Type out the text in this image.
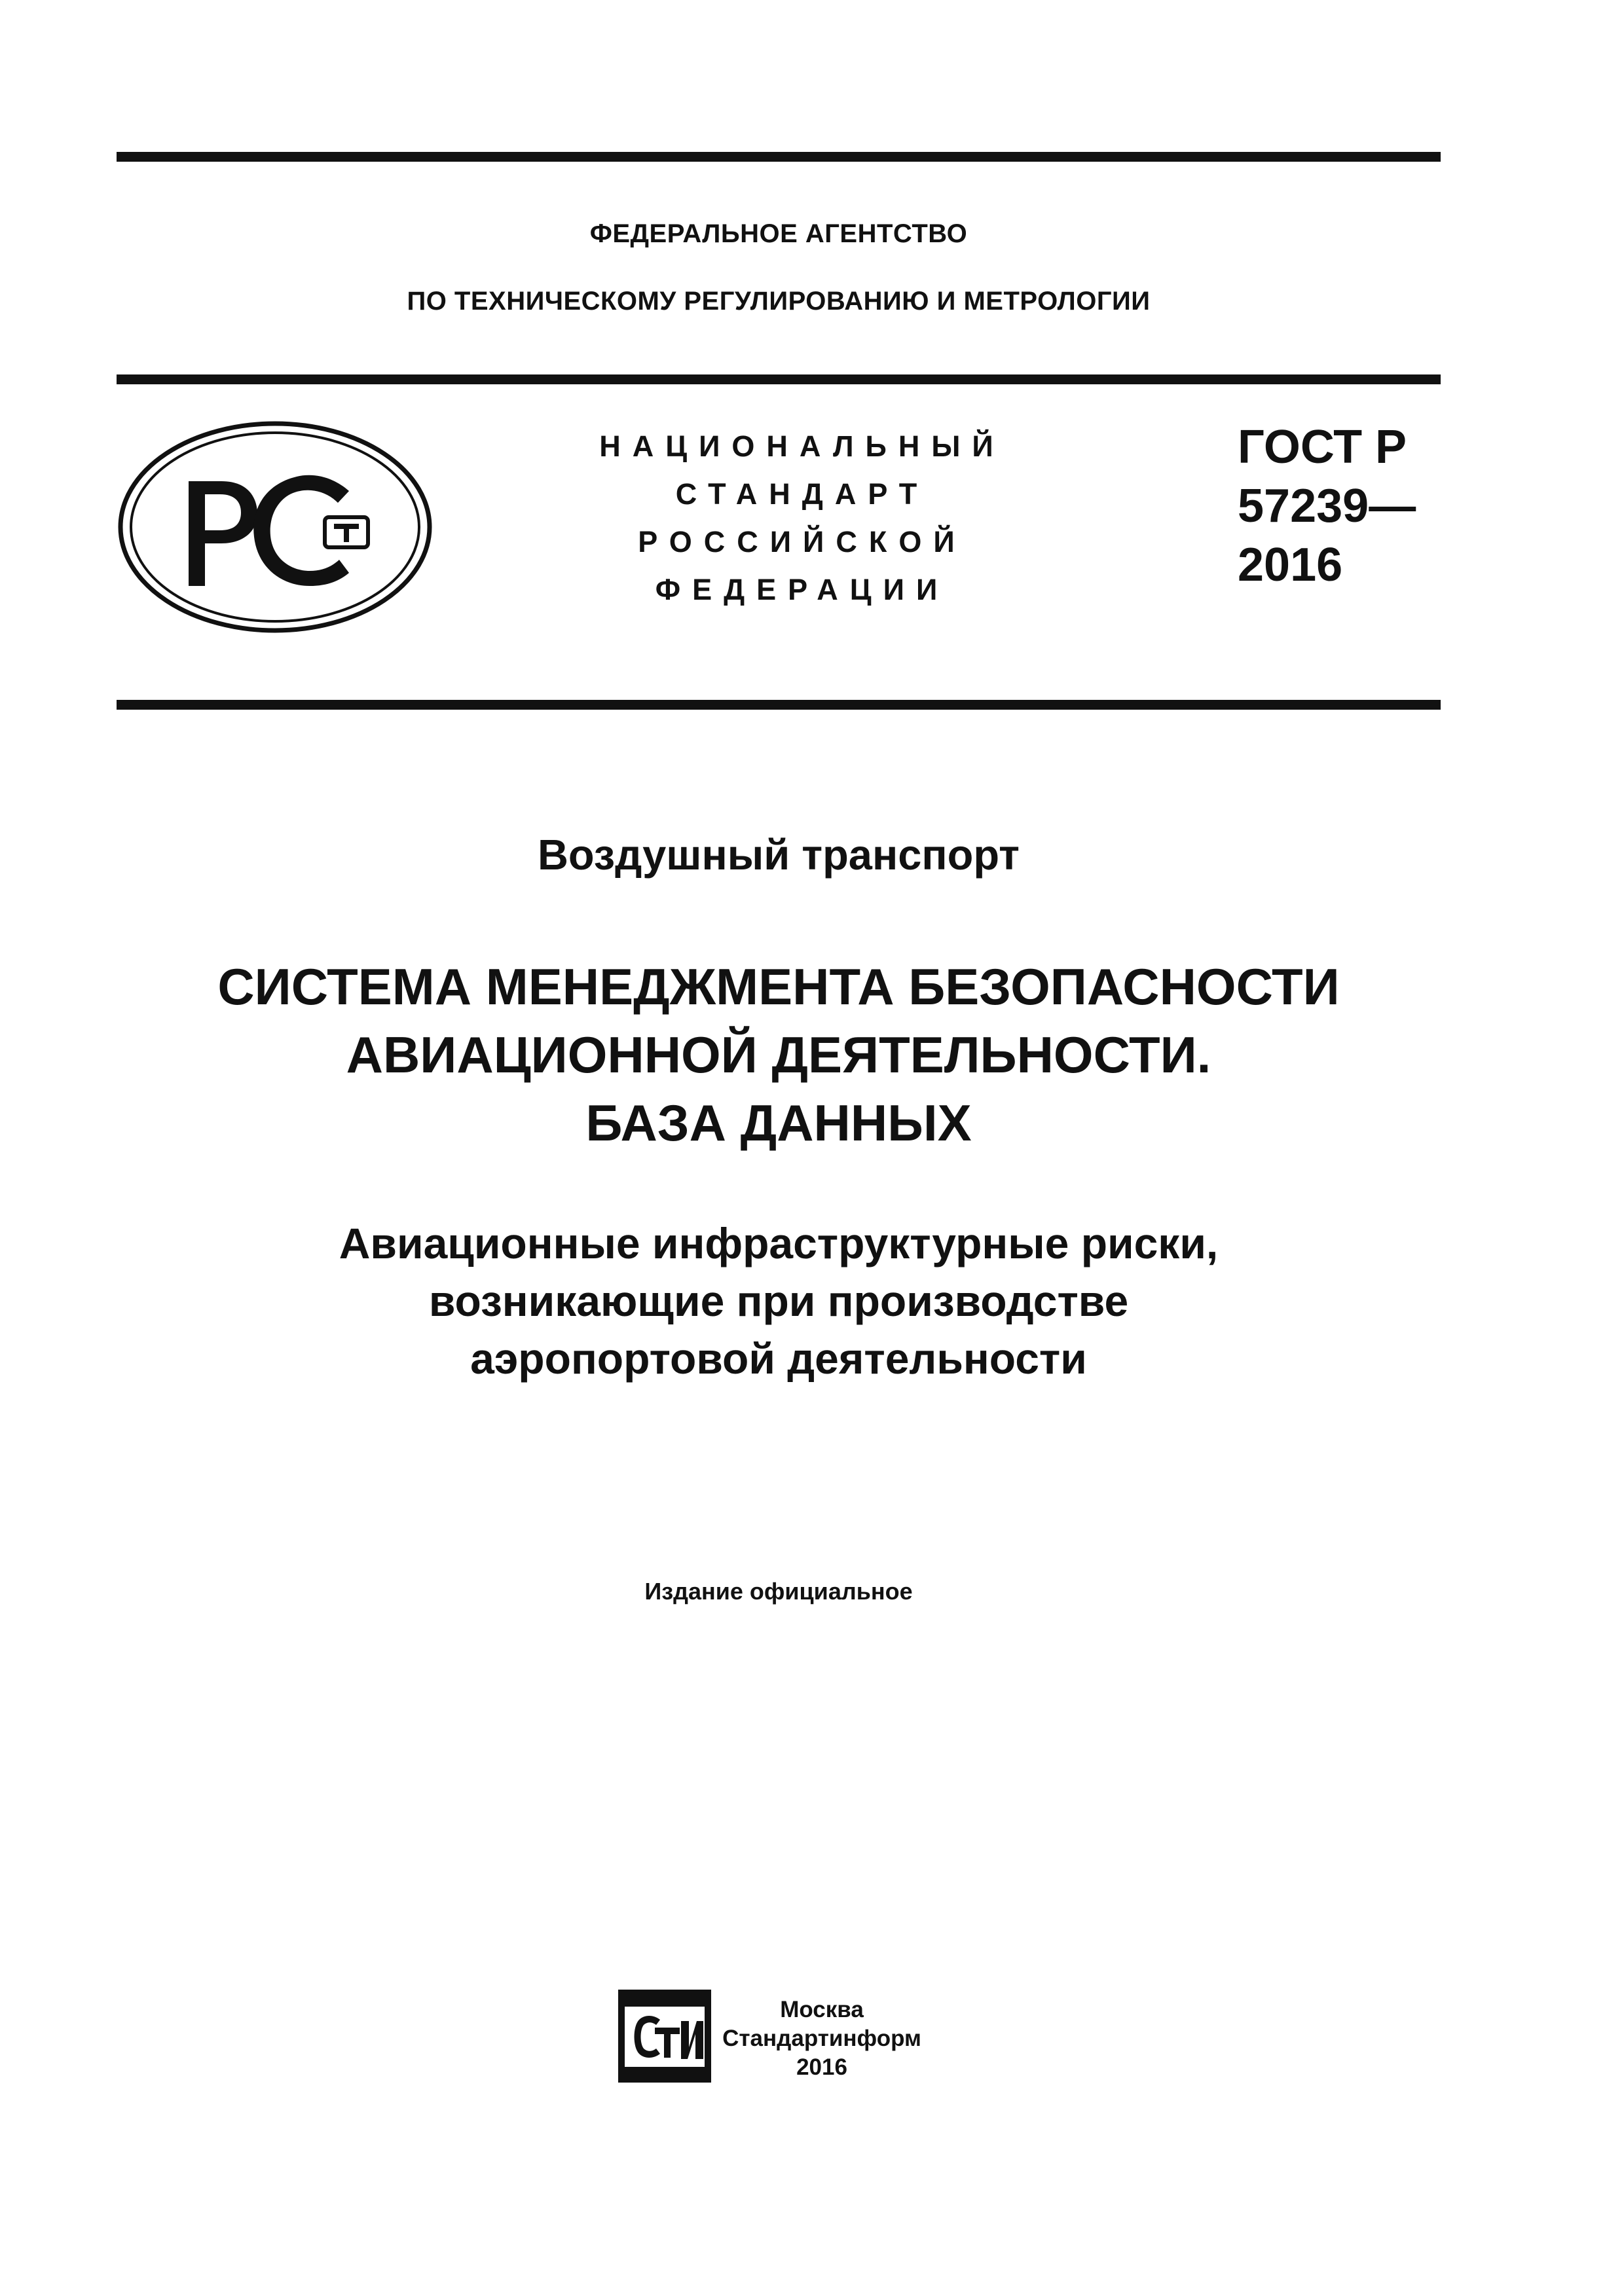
ФЕДЕРАЛЬНОЕ АГЕНТСТВО
ПО ТЕХНИЧЕСКОМУ РЕГУЛИРОВАНИЮ И МЕТРОЛОГИИ
НАЦИОНАЛЬНЫЙ
СТАНДАРТ
РОССИЙСКОЙ
ФЕДЕРАЦИИ
ГОСТ Р
57239—
2016
Воздушный транспорт
СИСТЕМА МЕНЕДЖМЕНТА БЕЗОПАСНОСТИ
АВИАЦИОННОЙ ДЕЯТЕЛЬНОСТИ.
БАЗА ДАННЫХ
Авиационные инфраструктурные риски,
возникающие при производстве
аэропортовой деятельности
Издание официальное
Москва
Стандартинформ
2016
